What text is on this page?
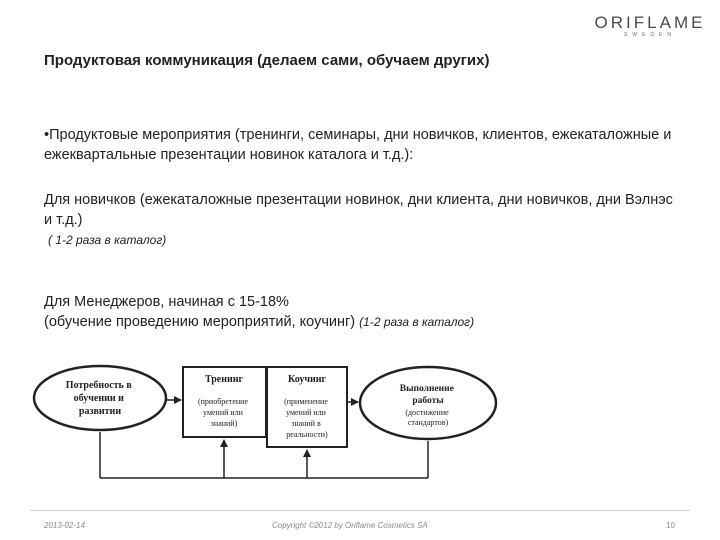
ORIFLAME
SWEDEN
Продуктовая коммуникация (делаем сами, обучаем других)
•Продуктовые мероприятия (тренинги, семинары, дни новичков, клиентов, ежекаталожные и ежеквартальные презентации новинок каталога и т.д.):
Для новичков (ежекаталожные презентации новинок, дни клиента, дни новичков, дни Вэлнэс и т.д.)
( 1-2 раза в каталог)
Для Менеджеров, начиная с 15-18%
(обучение проведению мероприятий, коучинг) (1-2 раза в каталог)
Потребность в обучении и развитии
Тренинг
(приобретение умений или знаний)
Коучинг
(применение умений или знаний в реальности)
Выполнение работы
(достижение стандартов)
2013-02-14	Copyright ©2012 by Oriflame Cosmetics SA	10
